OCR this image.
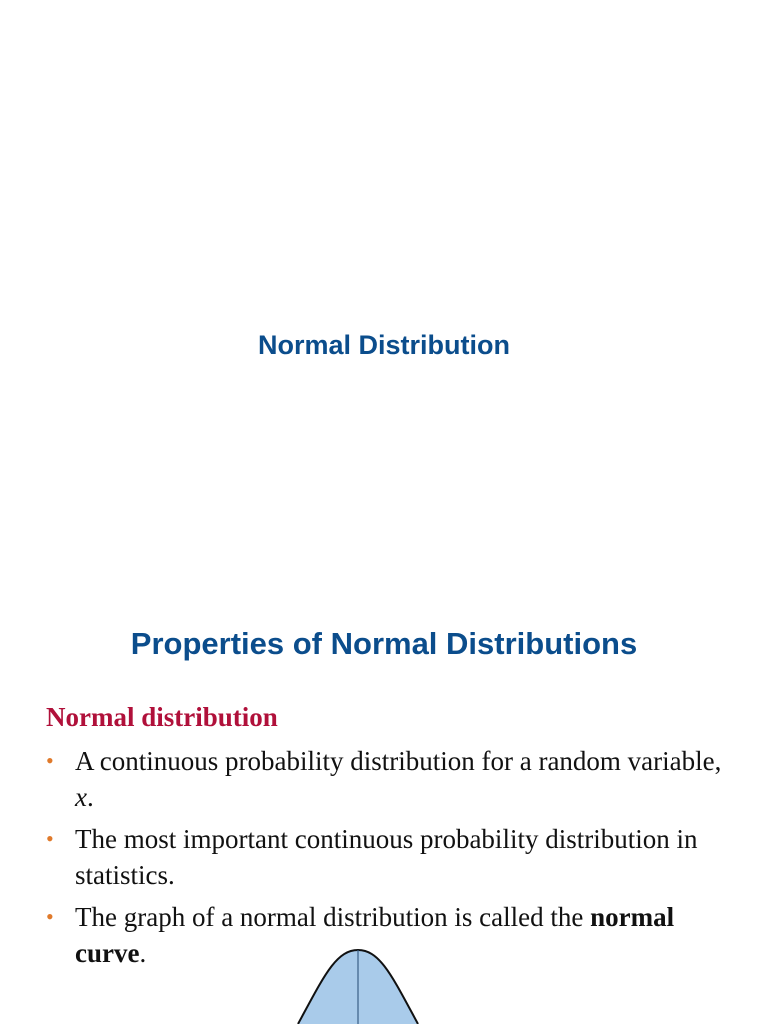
Normal Distribution
Properties of Normal Distributions
Normal distribution
• A continuous probability distribution for a random variable, x.
• The most important continuous probability distribution in statistics.
• The graph of a normal distribution is called the normal curve.
